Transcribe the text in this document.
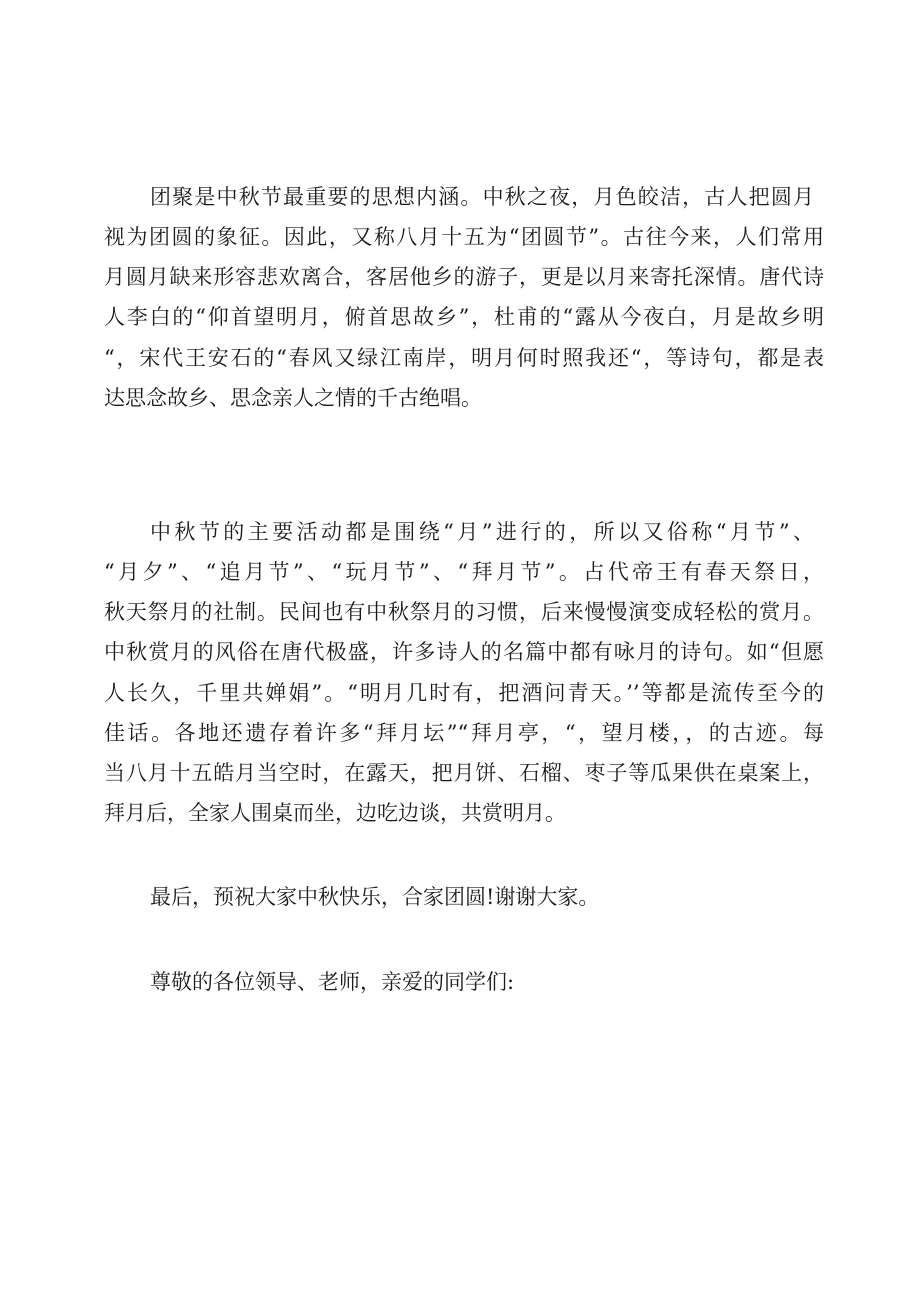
团聚是中秋节最重要的思想内涵。中秋之夜，月色皎洁，古人把圆月
视为团圆的象征。因此，又称八月十五为“团圆节”。古往今来，人们常用
月圆月缺来形容悲欢离合，客居他乡的游子，更是以月来寄托深情。唐代诗
人李白的“仰首望明月，俯首思故乡”，杜甫的“露从今夜白，月是故乡明
“，宋代王安石的“春风又绿江南岸，明月何时照我还“，等诗句，都是表
达思念故乡、思念亲人之情的千古绝唱。
中秋节的主要活动都是围绕“月”进行的，所以又俗称“月节”、
“月夕”、“追月节”、“玩月节”、“拜月节”。占代帝王有春天祭日，
秋天祭月的社制。民间也有中秋祭月的习惯，后来慢慢演变成轻松的赏月。
中秋赏月的风俗在唐代极盛，许多诗人的名篇中都有咏月的诗句。如“但愿
人长久，千里共婵娟”。“明月几时有，把酒问青天。’’等都是流传至今的
佳话。各地还遗存着许多“拜月坛”“拜月亭，“，望月楼，，的古迹。每
当八月十五皓月当空时，在露天，把月饼、石榴、枣子等瓜果供在桌案上，
拜月后，全家人围桌而坐，边吃边谈，共赏明月。
最后，预祝大家中秋快乐，合家团圆!谢谢大家。
尊敬的各位领导、老师，亲爱的同学们:
